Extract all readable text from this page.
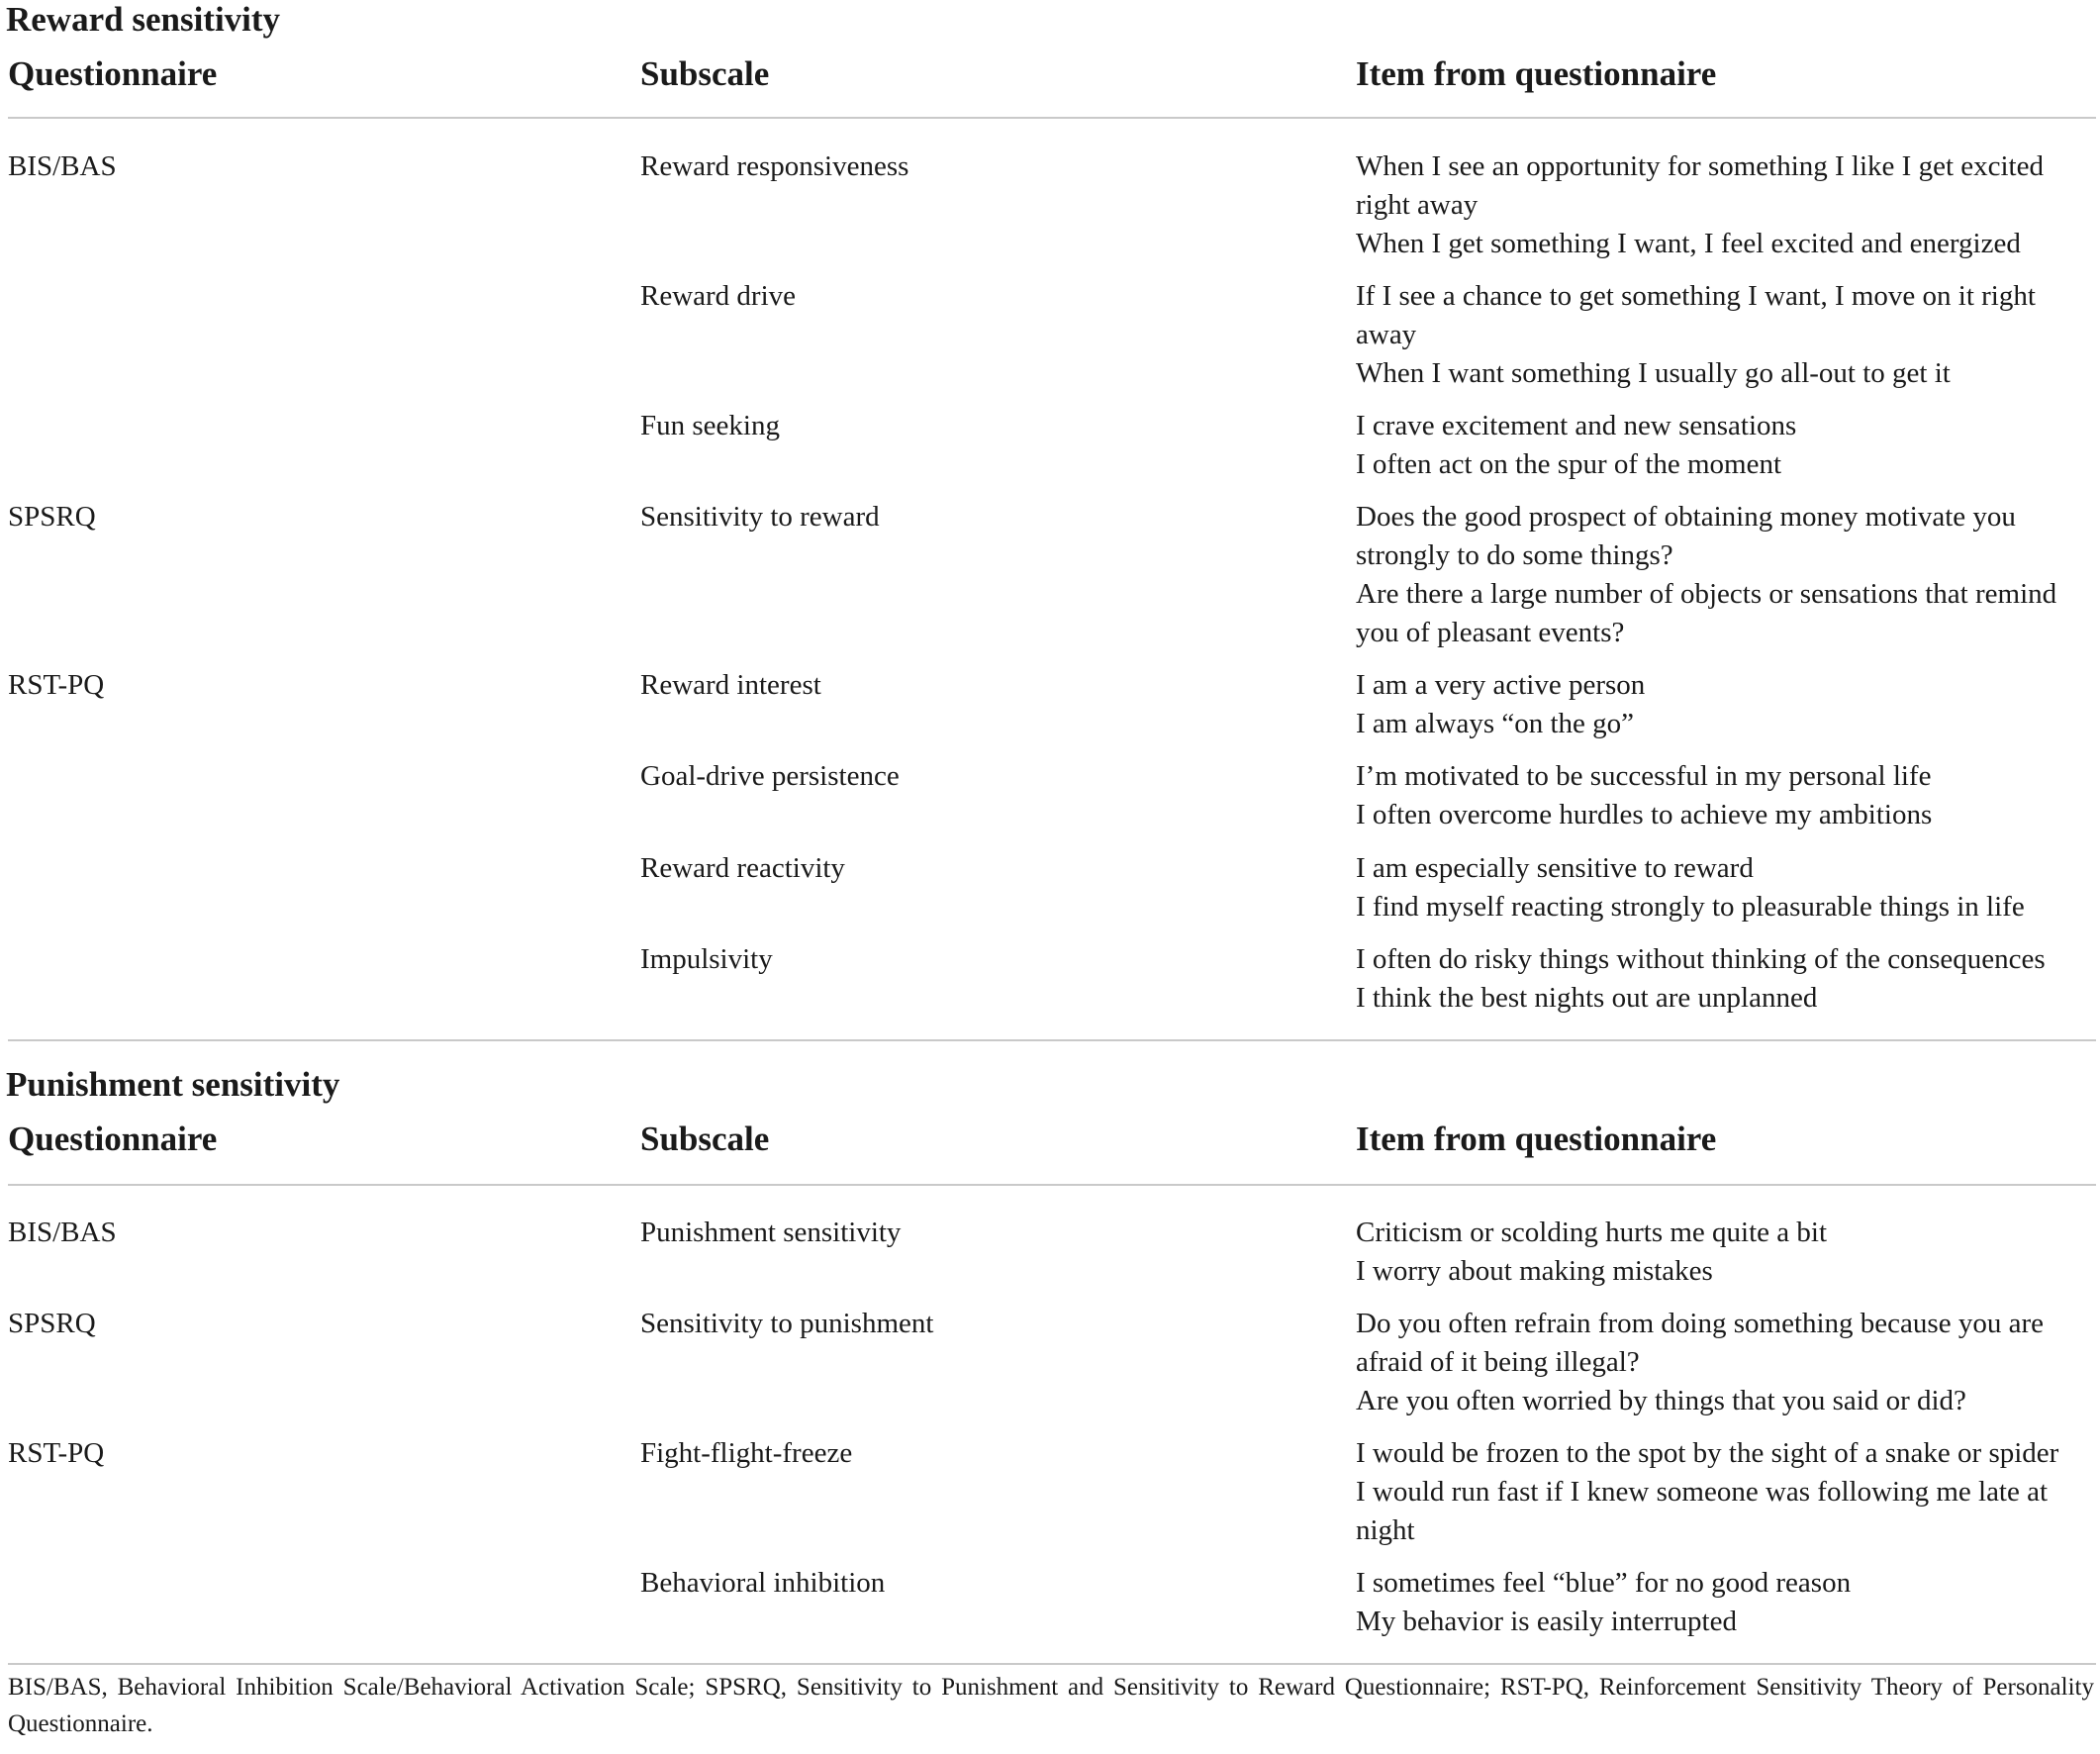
Reward sensitivity
Questionnaire	Subscale	Item from questionnaire
BIS/BAS	Reward responsiveness	When I see an opportunity for something I like I get excited right away
When I get something I want, I feel excited and energized
Reward drive	If I see a chance to get something I want, I move on it right away
When I want something I usually go all-out to get it
Fun seeking	I crave excitement and new sensations
I often act on the spur of the moment
SPSRQ	Sensitivity to reward	Does the good prospect of obtaining money motivate you strongly to do some things?
Are there a large number of objects or sensations that remind you of pleasant events?
RST-PQ	Reward interest	I am a very active person
I am always “on the go”
Goal-drive persistence	I’m motivated to be successful in my personal life
I often overcome hurdles to achieve my ambitions
Reward reactivity	I am especially sensitive to reward
I find myself reacting strongly to pleasurable things in life
Impulsivity	I often do risky things without thinking of the consequences
I think the best nights out are unplanned
Punishment sensitivity
Questionnaire	Subscale	Item from questionnaire
BIS/BAS	Punishment sensitivity	Criticism or scolding hurts me quite a bit
I worry about making mistakes
SPSRQ	Sensitivity to punishment	Do you often refrain from doing something because you are afraid of it being illegal?
Are you often worried by things that you said or did?
RST-PQ	Fight-flight-freeze	I would be frozen to the spot by the sight of a snake or spider
I would run fast if I knew someone was following me late at night
Behavioral inhibition	I sometimes feel “blue” for no good reason
My behavior is easily interrupted
BIS/BAS, Behavioral Inhibition Scale/Behavioral Activation Scale; SPSRQ, Sensitivity to Punishment and Sensitivity to Reward Questionnaire; RST-PQ, Reinforcement Sensitivity Theory of Personality Questionnaire.
